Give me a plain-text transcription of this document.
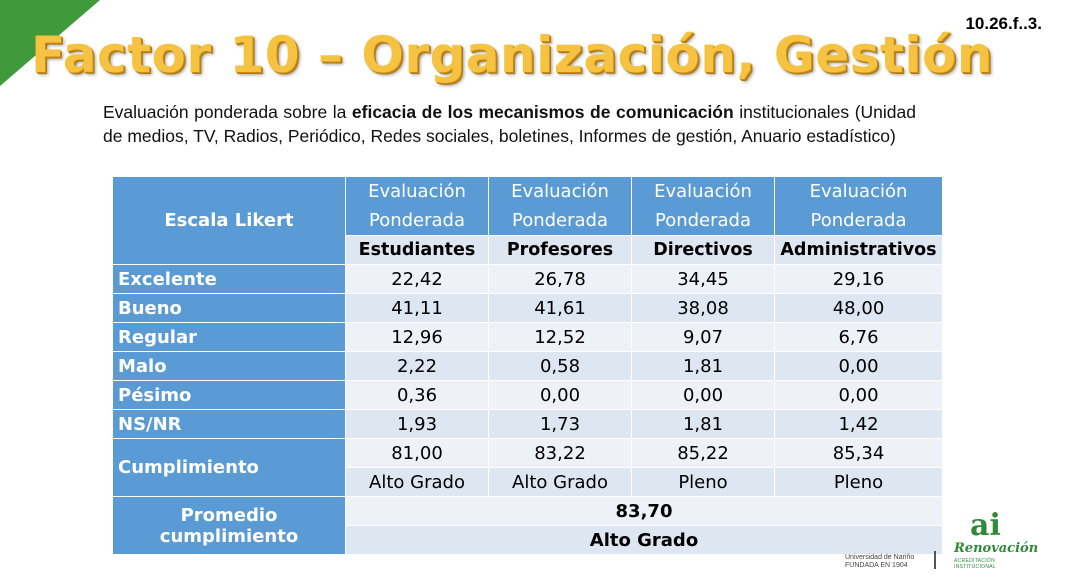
10.26.f..3.
Factor 10 – Organización, Gestión
Evaluación ponderada sobre la eficacia de los mecanismos de comunicación institucionales (Unidad de medios, TV, Radios, Periódico, Redes sociales, boletines, Informes de gestión, Anuario estadístico)
Escala Likert	Evaluación Ponderada	Evaluación Ponderada	Evaluación Ponderada	Evaluación Ponderada
	Estudiantes	Profesores	Directivos	Administrativos
Excelente	22,42	26,78	34,45	29,16
Bueno	41,11	41,61	38,08	48,00
Regular	12,96	12,52	9,07	6,76
Malo	2,22	0,58	1,81	0,00
Pésimo	0,36	0,00	0,00	0,00
NS/NR	1,93	1,73	1,81	1,42
Cumplimiento	81,00	83,22	85,22	85,34
	Alto Grado	Alto Grado	Pleno	Pleno
Promedio cumplimiento	83,70			
	Alto Grado			
Universidad de Nariño
FUNDADA EN 1904
ai
Renovación
ACREDITACIÓN INSTITUCIONAL
